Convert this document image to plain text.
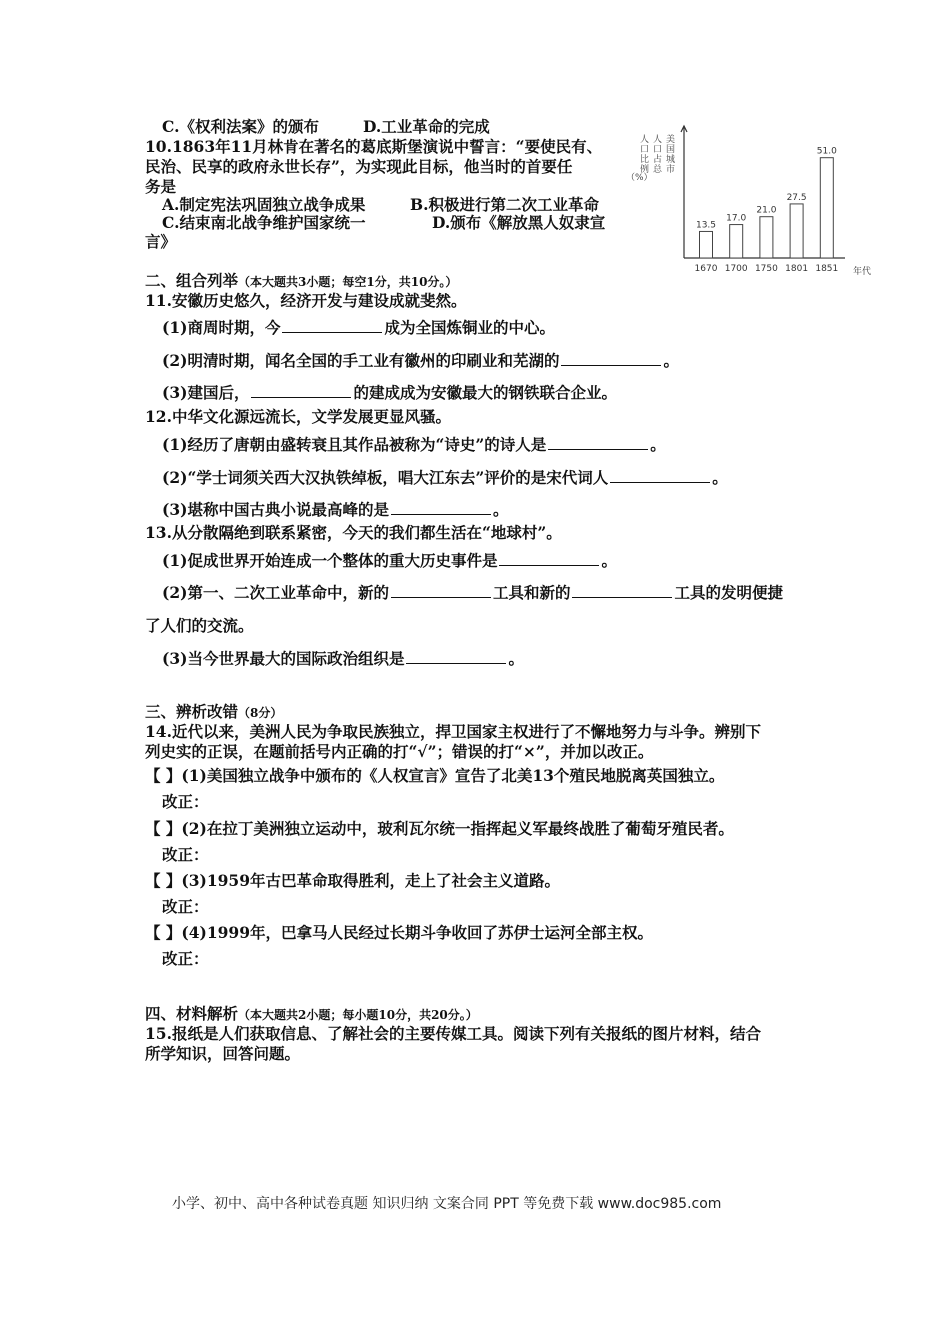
C.《权利法案》的颁布	D.工业革命的完成
10.1863年11月林肯在著名的葛底斯堡演说中誓言：“要使民有、
民治、民享的政府永世长存”，为实现此目标，他当时的首要任
务是
A.制定宪法巩固独立战争成果	B.积极进行第二次工业革命
C.结束南北战争维护国家统一	D.颁布《解放黑人奴隶宣
言》
美国城市
人口占总
人口比例
（%）
13.5
1670
17.0
1700
21.0
1750
27.5
1801
51.0
1851 年代
二、组合列举（本大题共3小题；每空1分，共10分。）
11.安徽历史悠久，经济开发与建设成就斐然。
(1)商周时期，今	成为全国炼铜业的中心。
(2)明清时期，闻名全国的手工业有徽州的印刷业和芜湖的	。
(3)建国后，	的建成成为安徽最大的钢铁联合企业。
12.中华文化源远流长，文学发展更显风骚。
(1)经历了唐朝由盛转衰且其作品被称为“诗史”的诗人是	。
(2)“学士词须关西大汉执铁绰板，唱大江东去”评价的是宋代词人	。
(3)堪称中国古典小说最高峰的是	。
13.从分散隔绝到联系紧密，今天的我们都生活在“地球村”。
(1)促成世界开始连成一个整体的重大历史事件是	。
(2)第一、二次工业革命中，新的	工具和新的	工具的发明便捷
了人们的交流。
(3)当今世界最大的国际政治组织是	。
三、辨析改错（8分）
14.近代以来，美洲人民为争取民族独立，捍卫国家主权进行了不懈地努力与斗争。辨别下
列史实的正误，在题前括号内正确的打“√”；错误的打“×”，并加以改正。
【 】(1)美国独立战争中颁布的《人权宣言》宣告了北美13个殖民地脱离英国独立。
改正：
【 】(2)在拉丁美洲独立运动中，玻利瓦尔统一指挥起义军最终战胜了葡萄牙殖民者。
改正：
【 】(3)1959年古巴革命取得胜利，走上了社会主义道路。
改正：
【 】(4)1999年，巴拿马人民经过长期斗争收回了苏伊士运河全部主权。
改正：
四、材料解析（本大题共2小题；每小题10分，共20分。）
15.报纸是人们获取信息、了解社会的主要传媒工具。阅读下列有关报纸的图片材料，结合
所学知识，回答问题。
小学、初中、高中各种试卷真题 知识归纳 文案合同 PPT 等免费下载 www.doc985.com
